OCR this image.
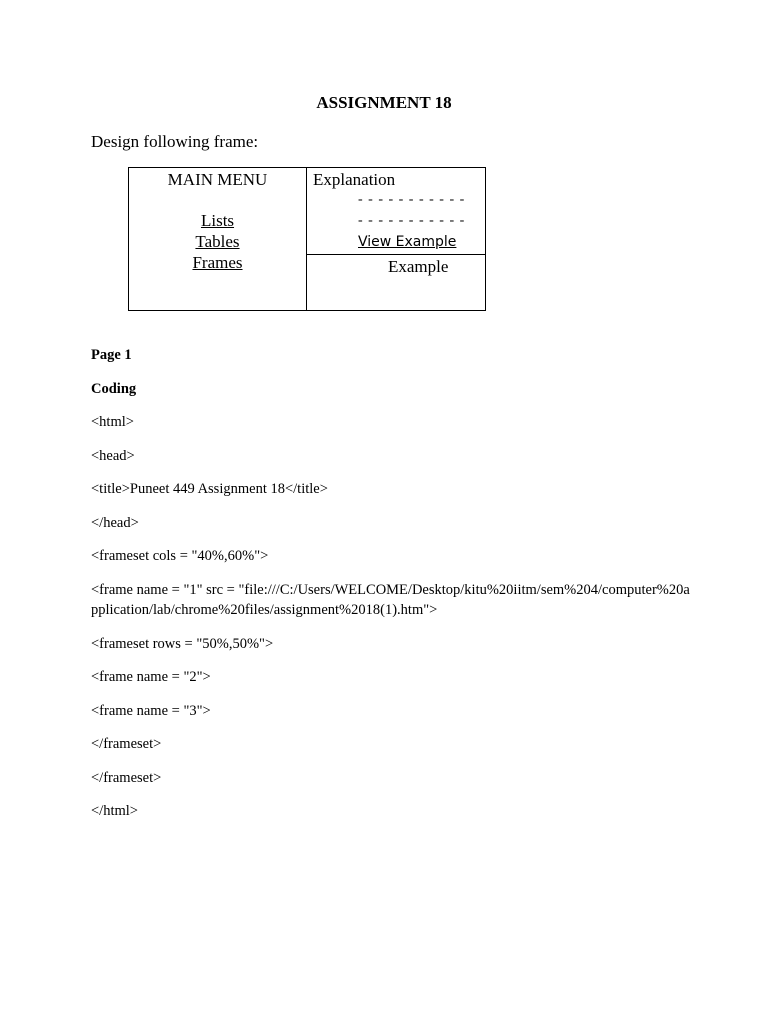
ASSIGNMENT 18
Design following frame:
MAIN MENU
Lists
Tables
Frames
Explanation
- - - - - - - - - - -
- - - - - - - - - - -
View Example
Example
Page 1
Coding
<html>
<head>
<title>Puneet 449 Assignment 18</title>
</head>
<frameset cols = "40%,60%">
<frame name = "1" src = "file:///C:/Users/WELCOME/Desktop/kitu%20iitm/sem%204/computer%20application/lab/chrome%20files/assignment%2018(1).htm">
<frameset rows = "50%,50%">
<frame name = "2">
<frame name = "3">
</frameset>
</frameset>
</html>
